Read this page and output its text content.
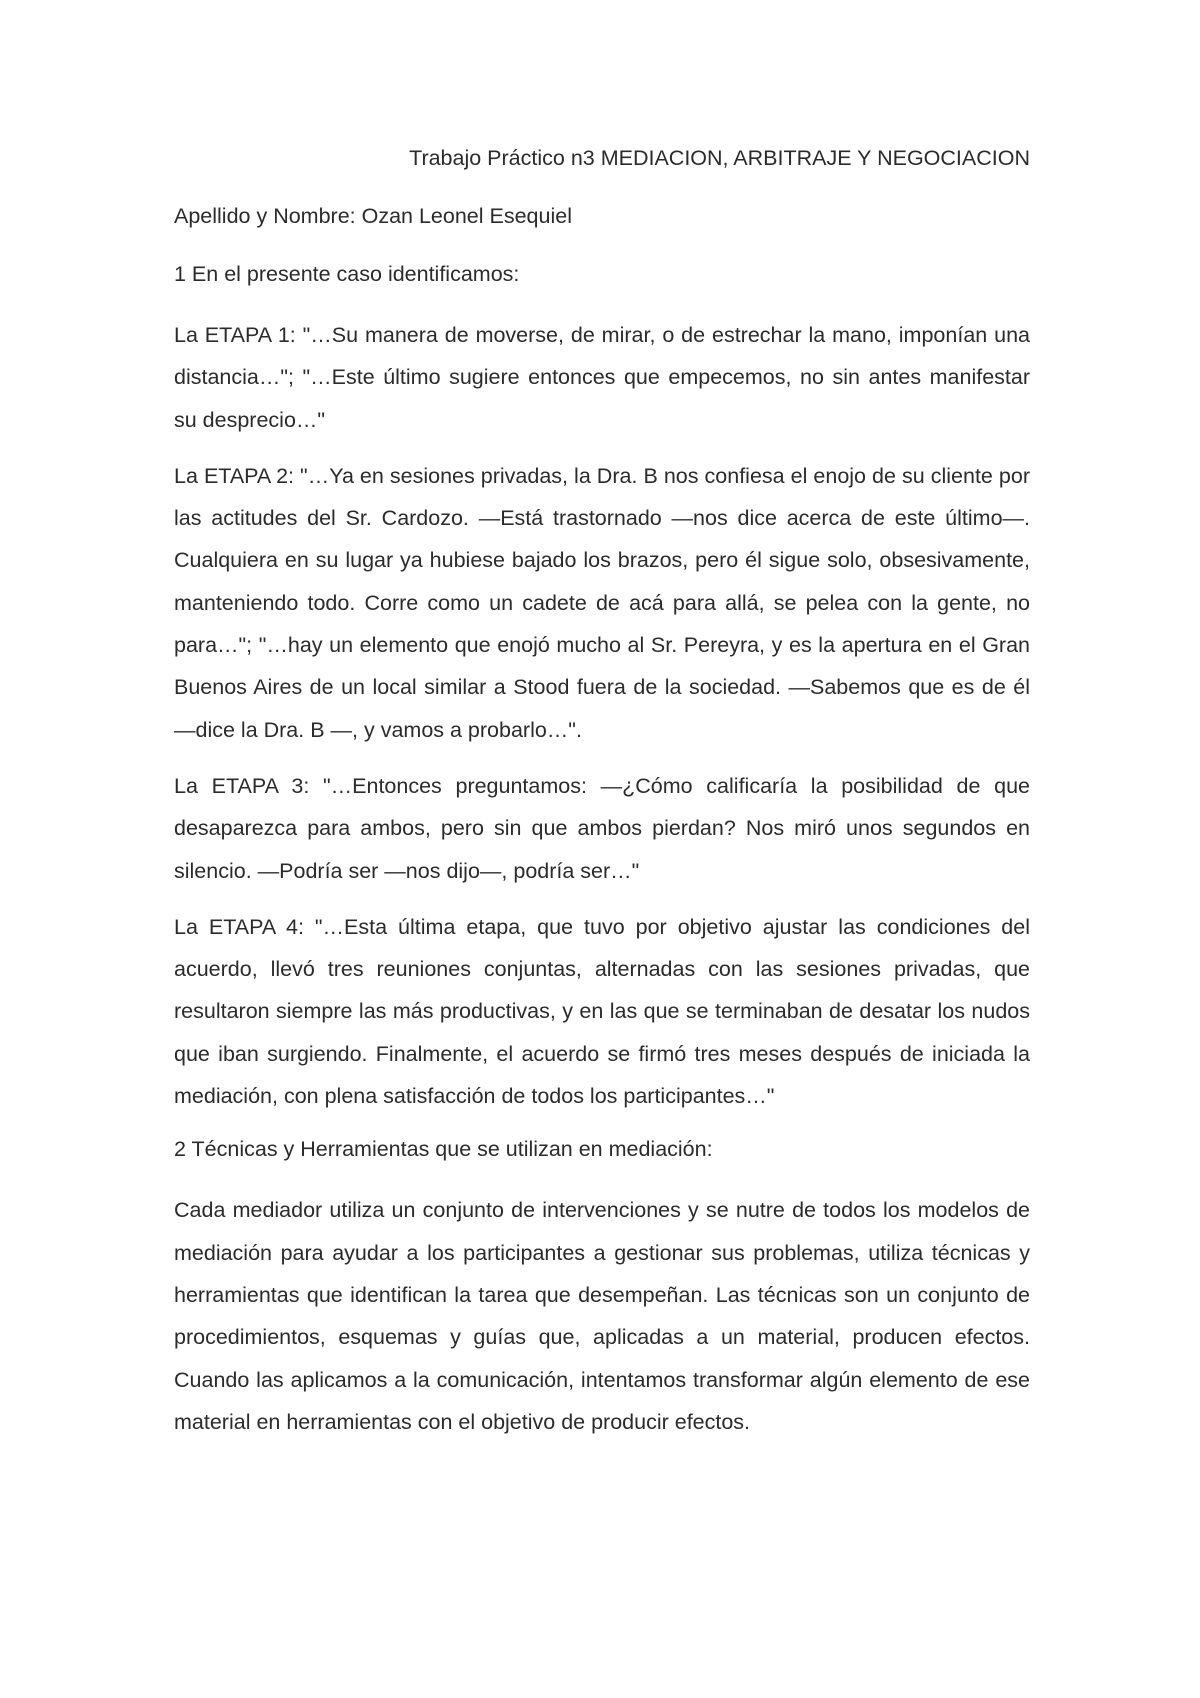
Trabajo Práctico n3 MEDIACION, ARBITRAJE Y NEGOCIACION
Apellido y Nombre: Ozan Leonel Esequiel
1 En el presente caso identificamos:

La ETAPA 1: "…Su manera de moverse, de mirar, o de estrechar la mano, imponían una distancia…"; "…Este último sugiere entonces que empecemos, no sin antes manifestar su desprecio…"

La ETAPA 2: "…Ya en sesiones privadas, la Dra. B nos confiesa el enojo de su cliente por las actitudes del Sr. Cardozo. —Está trastornado —nos dice acerca de este último—. Cualquiera en su lugar ya hubiese bajado los brazos, pero él sigue solo, obsesivamente, manteniendo todo. Corre como un cadete de acá para allá, se pelea con la gente, no para…"; "…hay un elemento que enojó mucho al Sr. Pereyra, y es la apertura en el Gran Buenos Aires de un local similar a Stood fuera de la sociedad. —Sabemos que es de él —dice la Dra. B —, y vamos a probarlo…".

La ETAPA 3: "…Entonces preguntamos: —¿Cómo calificaría la posibilidad de que desaparezca para ambos, pero sin que ambos pierdan? Nos miró unos segundos en silencio. —Podría ser —nos dijo—, podría ser…"

La ETAPA 4: "…Esta última etapa, que tuvo por objetivo ajustar las condiciones del acuerdo, llevó tres reuniones conjuntas, alternadas con las sesiones privadas, que resultaron siempre las más productivas, y en las que se terminaban de desatar los nudos que iban surgiendo. Finalmente, el acuerdo se firmó tres meses después de iniciada la mediación, con plena satisfacción de todos los participantes…"

2 Técnicas y Herramientas que se utilizan en mediación:

Cada mediador utiliza un conjunto de intervenciones y se nutre de todos los modelos de mediación para ayudar a los participantes a gestionar sus problemas, utiliza técnicas y herramientas que identifican la tarea que desempeñan. Las técnicas son un conjunto de procedimientos, esquemas y guías que, aplicadas a un material, producen efectos. Cuando las aplicamos a la comunicación, intentamos transformar algún elemento de ese material en herramientas con el objetivo de producir efectos.
